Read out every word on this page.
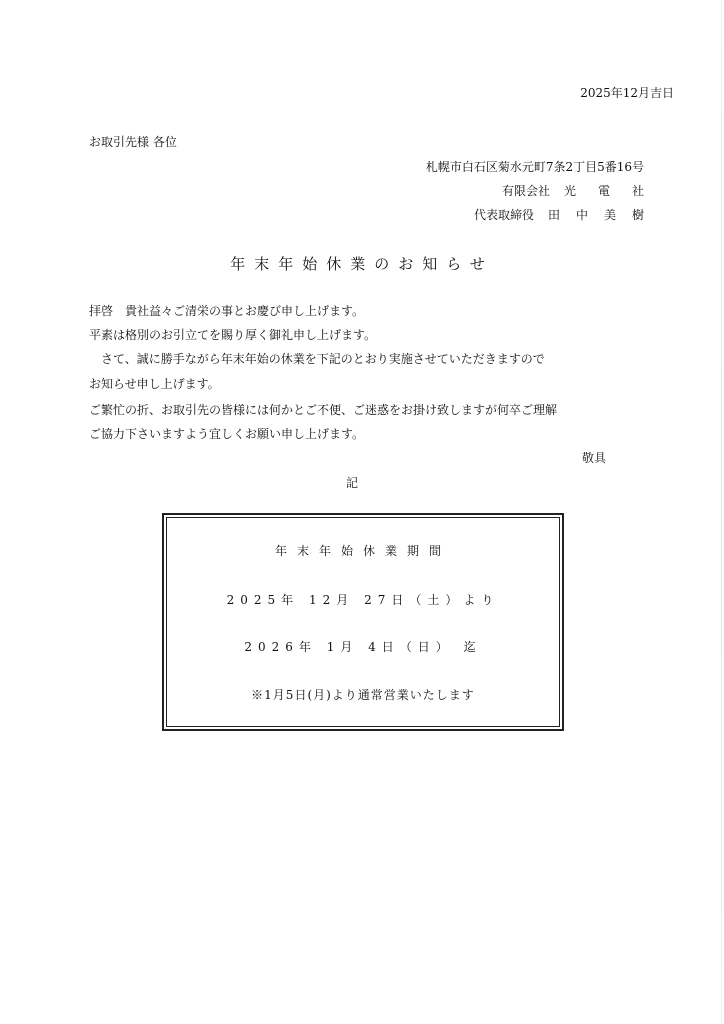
2025年12月吉日
お取引先様 各位
札幌市白石区菊水元町7条2丁目5番16号
有限会社 光電社
代表取締役 田中美樹
年末年始休業のお知らせ
拝啓　貴社益々ご清栄の事とお慶び申し上げます。
平素は格別のお引立てを賜り厚く御礼申し上げます。
　さて、誠に勝手ながら年末年始の休業を下記のとおり実施させていただきますので
お知らせ申し上げます。
ご繁忙の折、お取引先の皆様には何かとご不便、ご迷惑をお掛け致しますが何卒ご理解
ご協力下さいますよう宜しくお願い申し上げます。
敬具
記
年末年始休業期間
2025年 12月 27日（土）より
2026年 1月 4日（日） 迄
※1月5日(月)より通常営業いたします
